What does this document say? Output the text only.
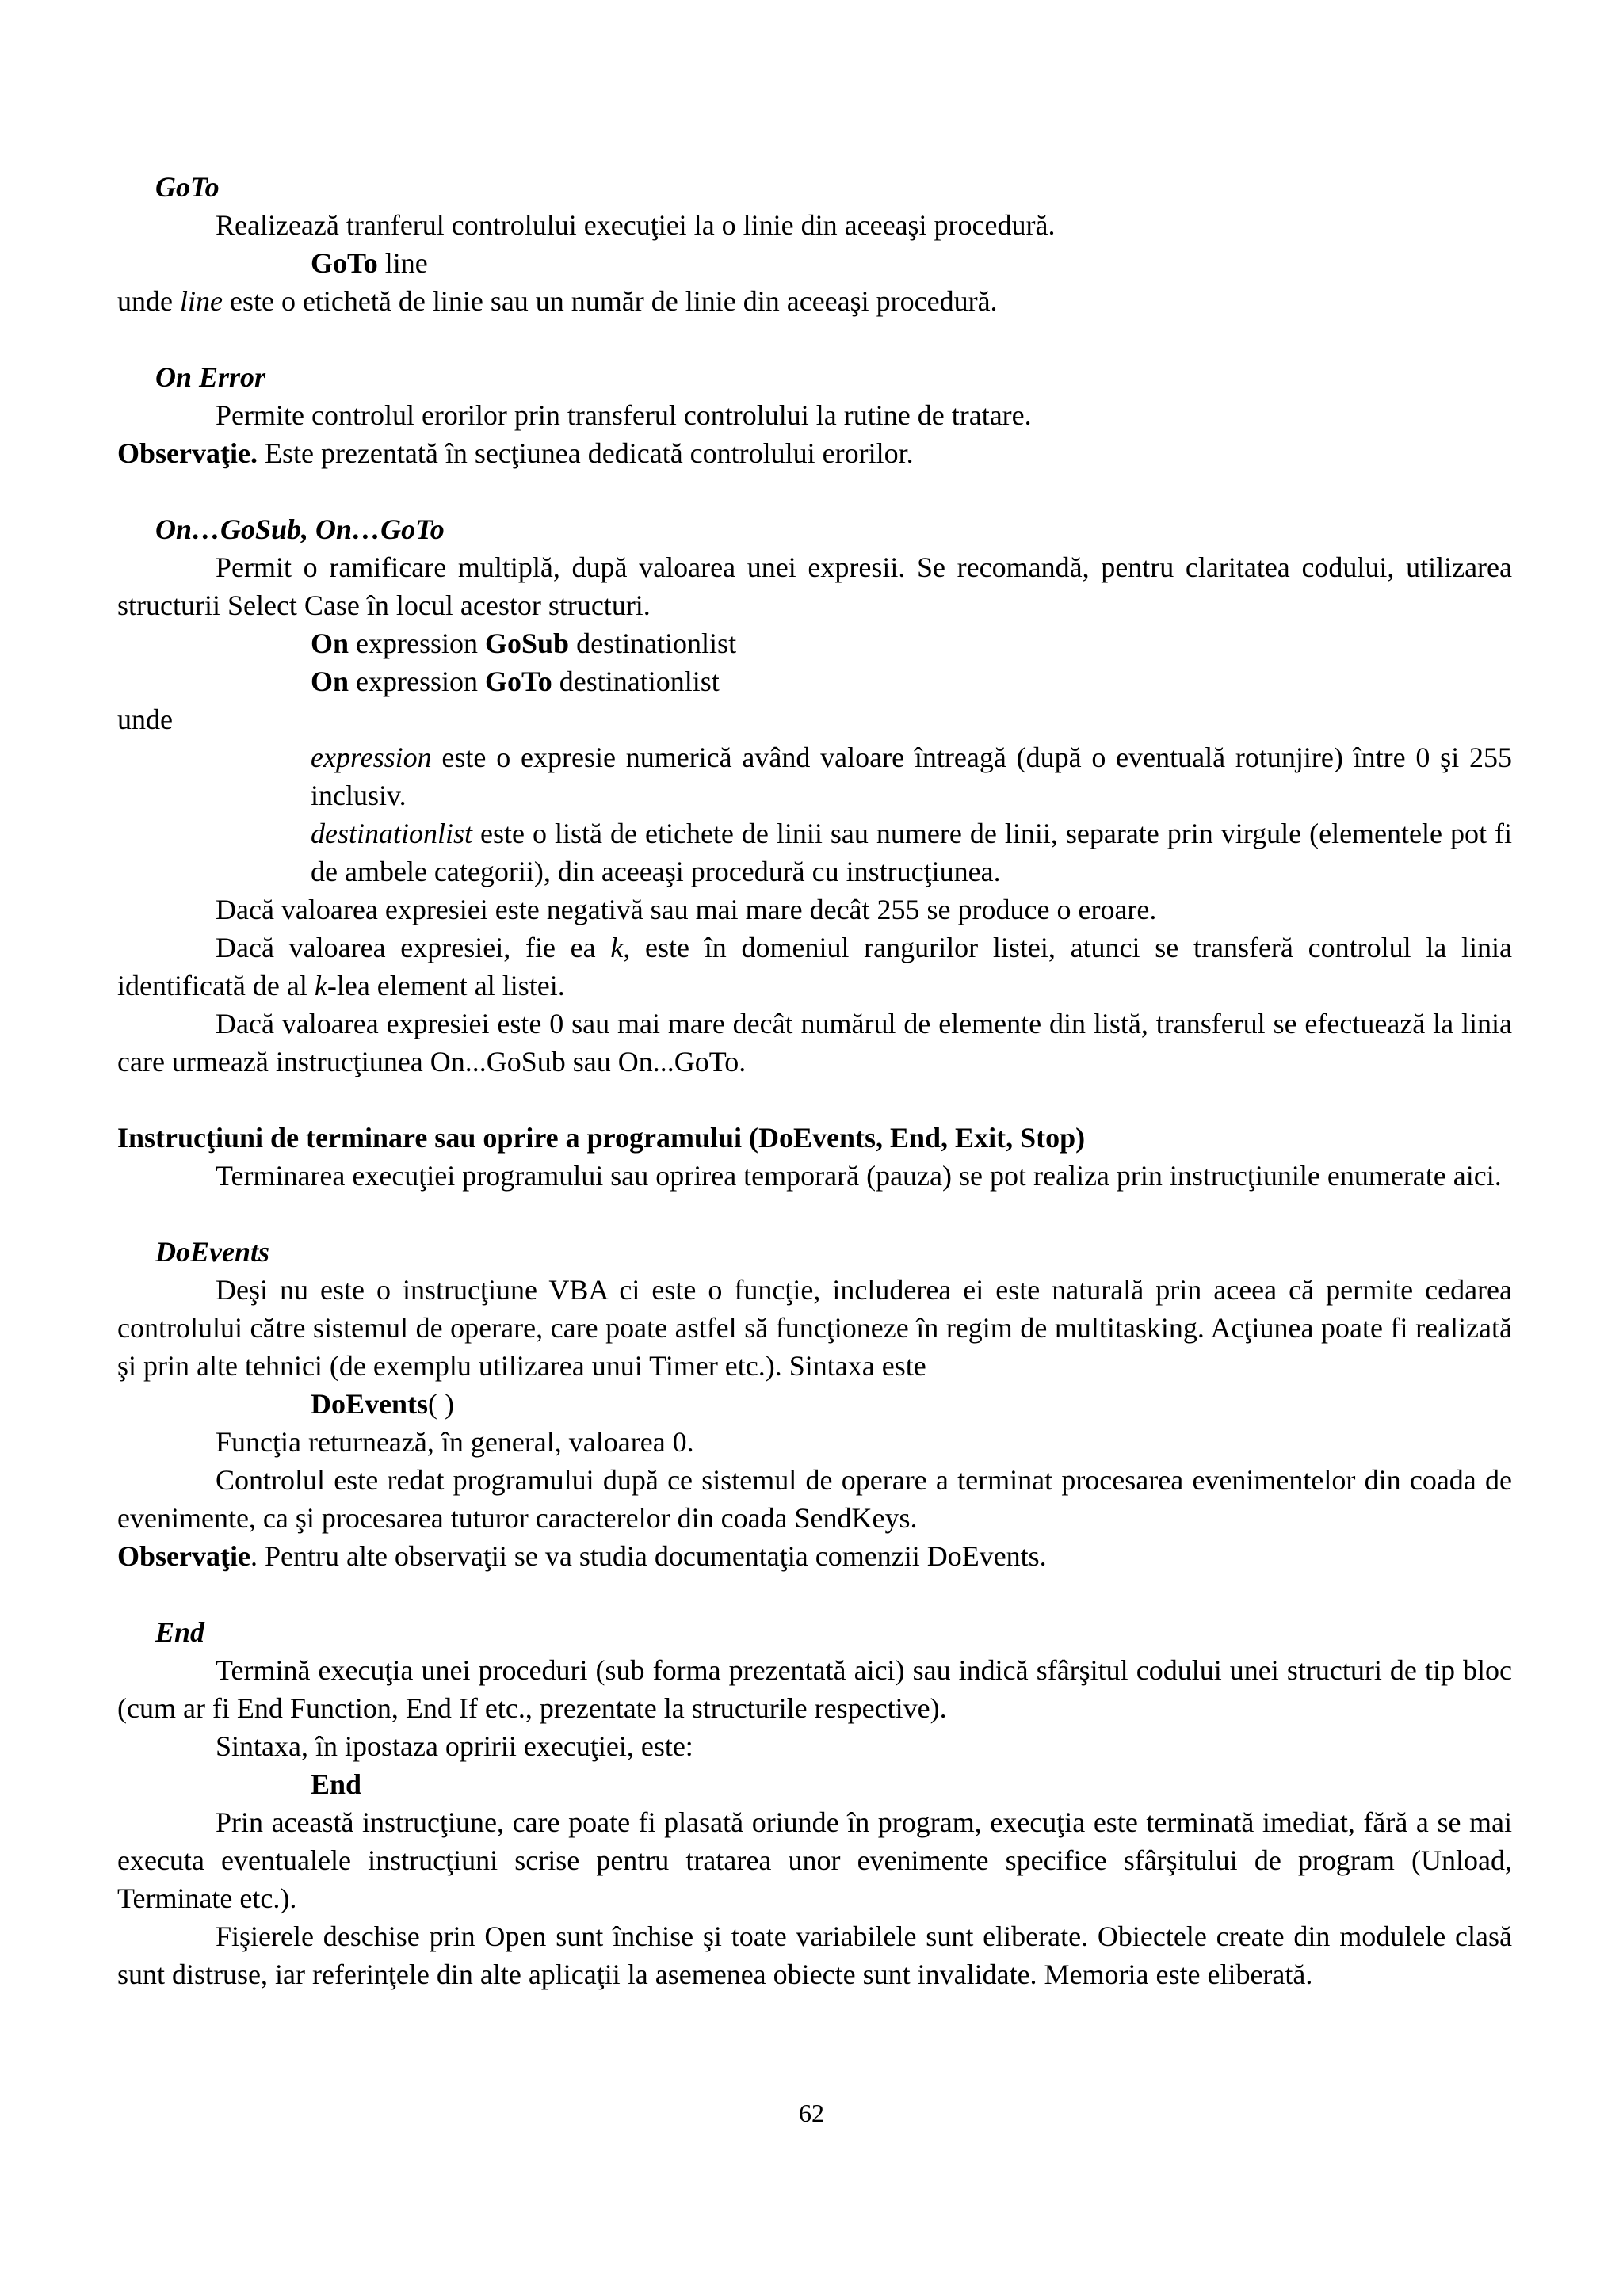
GoTo

Realizează tranferul controlului execuţiei la o linie din aceeaşi procedură.

GoTo line

unde line este o etichetă de linie sau un număr de linie din aceeaşi procedură.

On Error

Permite controlul erorilor prin transferul controlului la rutine de tratare.

Observaţie. Este prezentată în secţiunea dedicată controlului erorilor.

On…GoSub, On…GoTo

Permit o ramificare multiplă, după valoarea unei expresii. Se recomandă, pentru claritatea codului, utilizarea structurii Select Case în locul acestor structuri.

On expression GoSub destinationlist

On expression GoTo destinationlist

unde

expression este o expresie numerică având valoare întreagă (după o eventuală rotunjire) între 0 şi 255 inclusiv.

destinationlist este o listă de etichete de linii sau numere de linii, separate prin virgule (elementele pot fi de ambele categorii), din aceeaşi procedură cu instrucţiunea.

Dacă valoarea expresiei este negativă sau mai mare decât 255 se produce o eroare.

Dacă valoarea expresiei, fie ea k, este în domeniul rangurilor listei, atunci se transferă controlul la linia identificată de al k-lea element al listei.

Dacă valoarea expresiei este 0 sau mai mare decât numărul de elemente din listă, transferul se efectuează la linia care urmează instrucţiunea On...GoSub sau On...GoTo.

Instrucţiuni de terminare sau oprire a programului (DoEvents, End, Exit, Stop)

Terminarea execuţiei programului sau oprirea temporară (pauza) se pot realiza prin instrucţiunile enumerate aici.

DoEvents

Deşi nu este o instrucţiune VBA ci este o funcţie, includerea ei este naturală prin aceea că permite cedarea controlului către sistemul de operare, care poate astfel să funcţioneze în regim de multitasking. Acţiunea poate fi realizată şi prin alte tehnici (de exemplu utilizarea unui Timer etc.). Sintaxa este

DoEvents( )

Funcţia returnează, în general, valoarea 0.

Controlul este redat programului după ce sistemul de operare a terminat procesarea evenimentelor din coada de evenimente, ca şi procesarea tuturor caracterelor din coada SendKeys.

Observaţie. Pentru alte observaţii se va studia documentaţia comenzii DoEvents.

End

Termină execuţia unei proceduri (sub forma prezentată aici) sau indică sfârşitul codului unei structuri de tip bloc (cum ar fi End Function, End If etc., prezentate la structurile respective).

Sintaxa, în ipostaza opririi execuţiei, este:

End

Prin această instrucţiune, care poate fi plasată oriunde în program, execuţia este terminată imediat, fără a se mai executa eventualele instrucţiuni scrise pentru tratarea unor evenimente specifice sfârşitului de program (Unload, Terminate etc.).

Fişierele deschise prin Open sunt închise şi toate variabilele sunt eliberate. Obiectele create din modulele clasă sunt distruse, iar referinţele din alte aplicaţii la asemenea obiecte sunt invalidate. Memoria este eliberată.

62
